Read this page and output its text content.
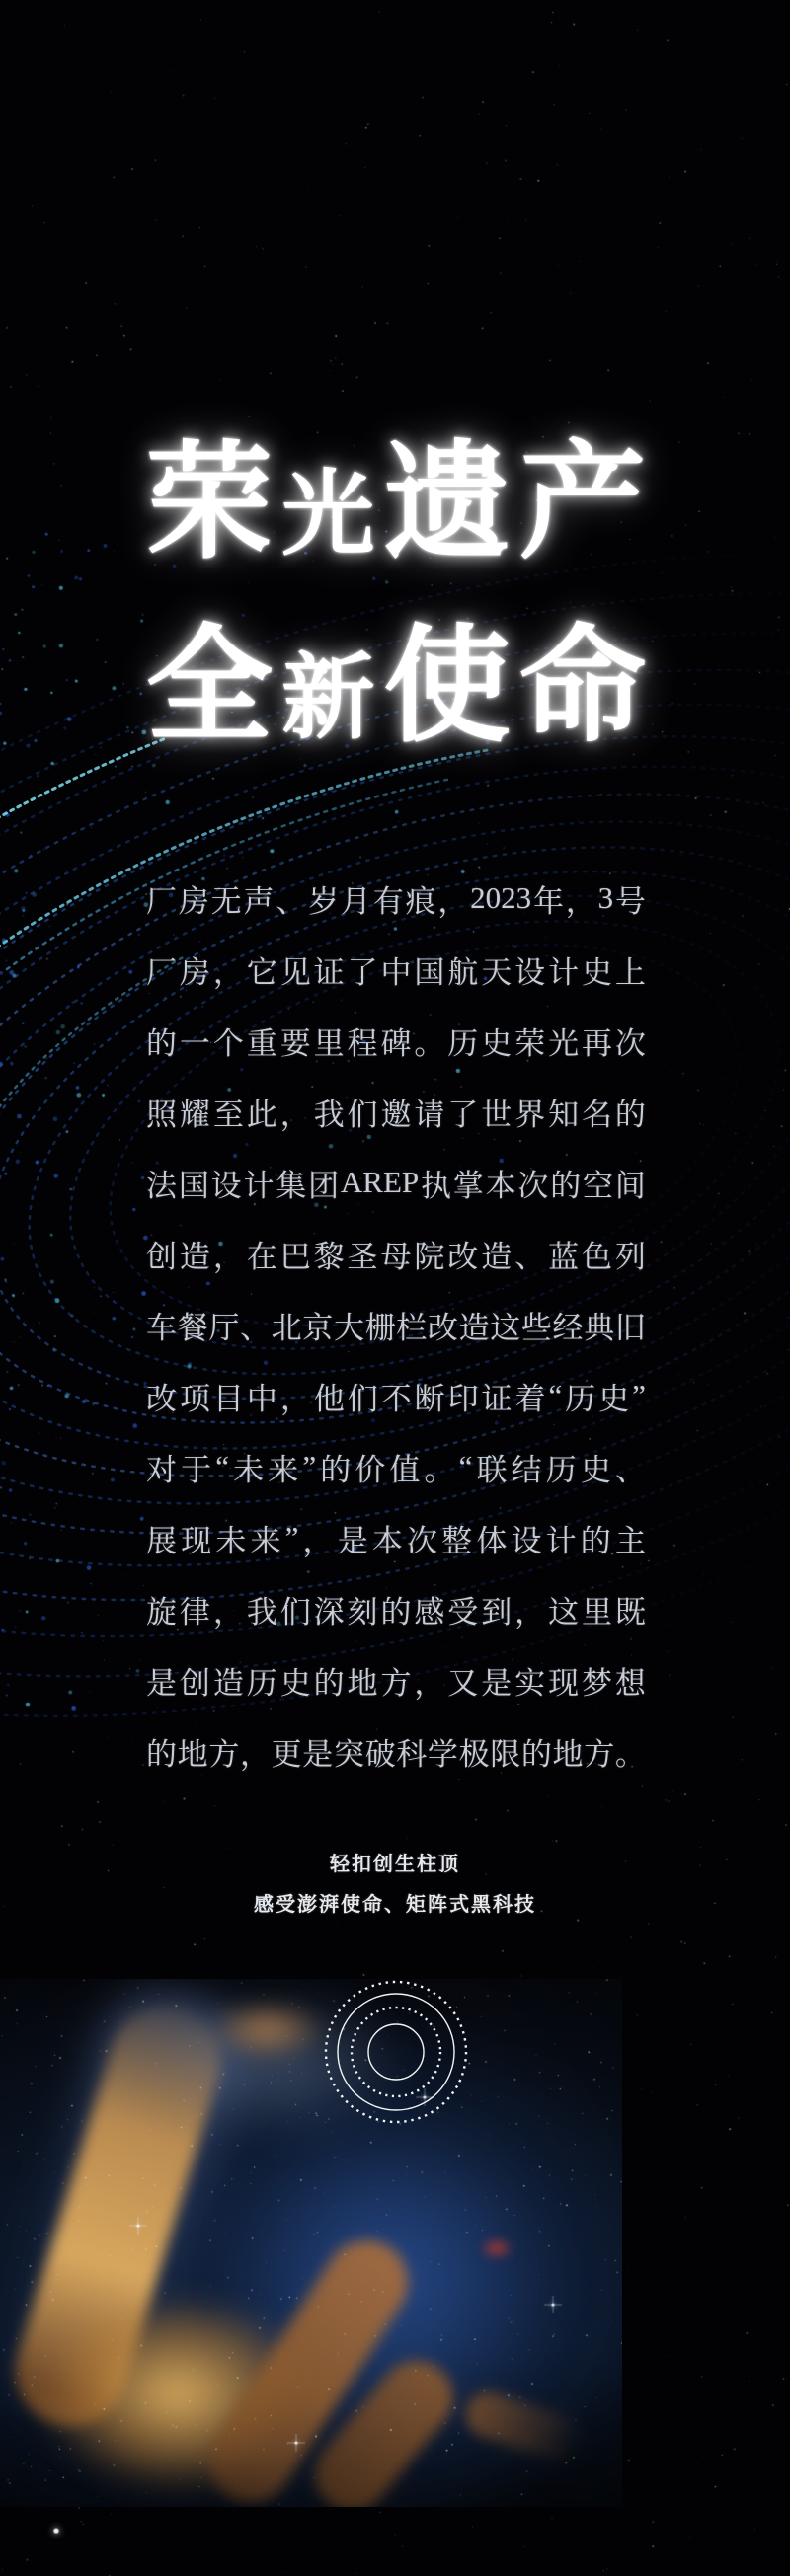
荣 光 遗 产
全 新 使 命
厂 房 无 声 、 岁 月 有 痕 ， 2023 年 ， 3 号
厂 房 ， 它 见 证 了 中 国 航 天 设 计 史 上
的 一 个 重 要 里 程 碑 。 历 史 荣 光 再 次
照 耀 至 此 ， 我 们 邀 请 了 世 界 知 名 的
法 国 设 计 集 团 AREP 执 掌 本 次 的 空 间
创 造 ， 在 巴 黎 圣 母 院 改 造 、 蓝 色 列
车 餐 厅 、 北 京 大 栅 栏 改 造 这 些 经 典 旧
改 项 目 中 ， 他 们 不 断 印 证 着 “ 历 史 ”
对 于 “ 未 来 ” 的 价 值 。 “ 联 结 历 史 、
展 现 未 来 ” ， 是 本 次 整 体 设 计 的 主
旋 律 ， 我 们 深 刻 的 感 受 到 ， 这 里 既
是 创 造 历 史 的 地 方 ， 又 是 实 现 梦 想
的 地 方 ， 更 是 突 破 科 学 极 限 的 地 方 。
轻扣创生柱顶
感受澎湃使命、矩阵式黑科技
